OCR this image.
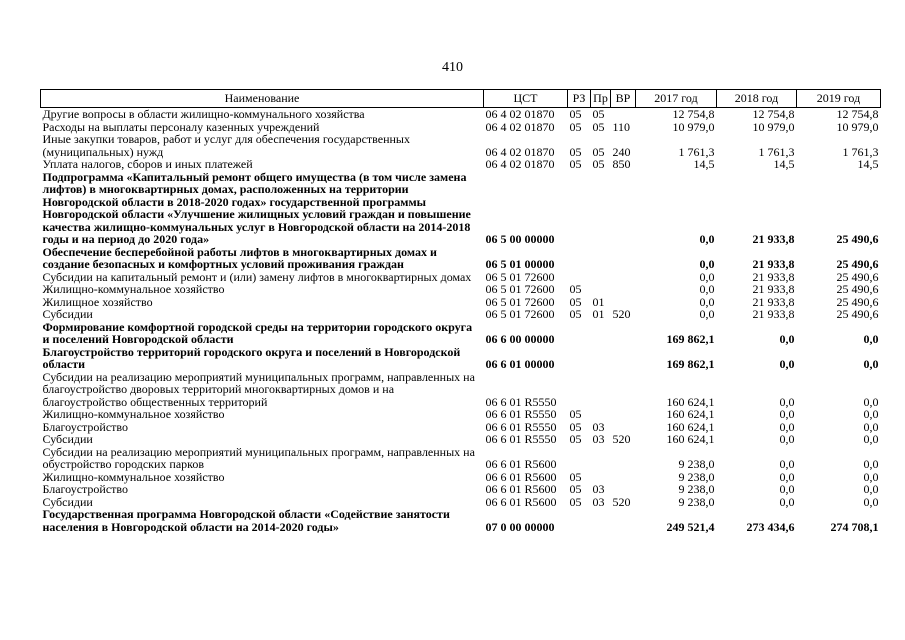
410
Наименование	ЦСТ	РЗ	Пр	ВР	2017 год	2018 год	2019 год
Другие вопросы в области жилищно-коммунального хозяйства	06 4 02 01870	05	05		12 754,8	12 754,8	12 754,8
Расходы на выплаты персоналу казенных учреждений	06 4 02 01870	05	05	110	10 979,0	10 979,0	10 979,0
Иные закупки товаров, работ и услуг для обеспечения государственных (муниципальных) нужд	06 4 02 01870	05	05	240	1 761,3	1 761,3	1 761,3
Уплата налогов, сборов и иных платежей	06 4 02 01870	05	05	850	14,5	14,5	14,5
Подпрограмма «Капитальный ремонт общего имущества (в том числе замена лифтов) в многоквартирных домах, расположенных на территории Новгородской области в 2018-2020 годах» государственной программы Новгородской области «Улучшение жилищных условий граждан и повышение качества жилищно-коммунальных услуг в Новгородской области на 2014-2018 годы и на период до 2020 года»	06 5 00 00000				0,0	21 933,8	25 490,6
Обеспечение бесперебойной работы лифтов в многоквартирных домах и создание безопасных и комфортных условий проживания граждан	06 5 01 00000				0,0	21 933,8	25 490,6
Субсидии на капитальный ремонт и (или) замену лифтов в многоквартирных домах	06 5 01 72600				0,0	21 933,8	25 490,6
Жилищно-коммунальное хозяйство	06 5 01 72600	05			0,0	21 933,8	25 490,6
Жилищное хозяйство	06 5 01 72600	05	01		0,0	21 933,8	25 490,6
Субсидии	06 5 01 72600	05	01	520	0,0	21 933,8	25 490,6
Формирование комфортной городской среды на территории городского округа и поселений Новгородской области	06 6 00 00000				169 862,1	0,0	0,0
Благоустройство территорий городского округа и поселений в Новгородской области	06 6 01 00000				169 862,1	0,0	0,0
Субсидии на реализацию мероприятий муниципальных программ, направленных на благоустройство дворовых территорий многоквартирных домов и на благоустройство общественных территорий	06 6 01 R5550				160 624,1	0,0	0,0
Жилищно-коммунальное хозяйство	06 6 01 R5550	05			160 624,1	0,0	0,0
Благоустройство	06 6 01 R5550	05	03		160 624,1	0,0	0,0
Субсидии	06 6 01 R5550	05	03	520	160 624,1	0,0	0,0
Субсидии на реализацию мероприятий муниципальных программ, направленных на обустройство городских парков	06 6 01 R5600				9 238,0	0,0	0,0
Жилищно-коммунальное хозяйство	06 6 01 R5600	05			9 238,0	0,0	0,0
Благоустройство	06 6 01 R5600	05	03		9 238,0	0,0	0,0
Субсидии	06 6 01 R5600	05	03	520	9 238,0	0,0	0,0
Государственная программа Новгородской области «Содействие занятости населения в Новгородской области на 2014-2020 годы»	07 0 00 00000				249 521,4	273 434,6	274 708,1
